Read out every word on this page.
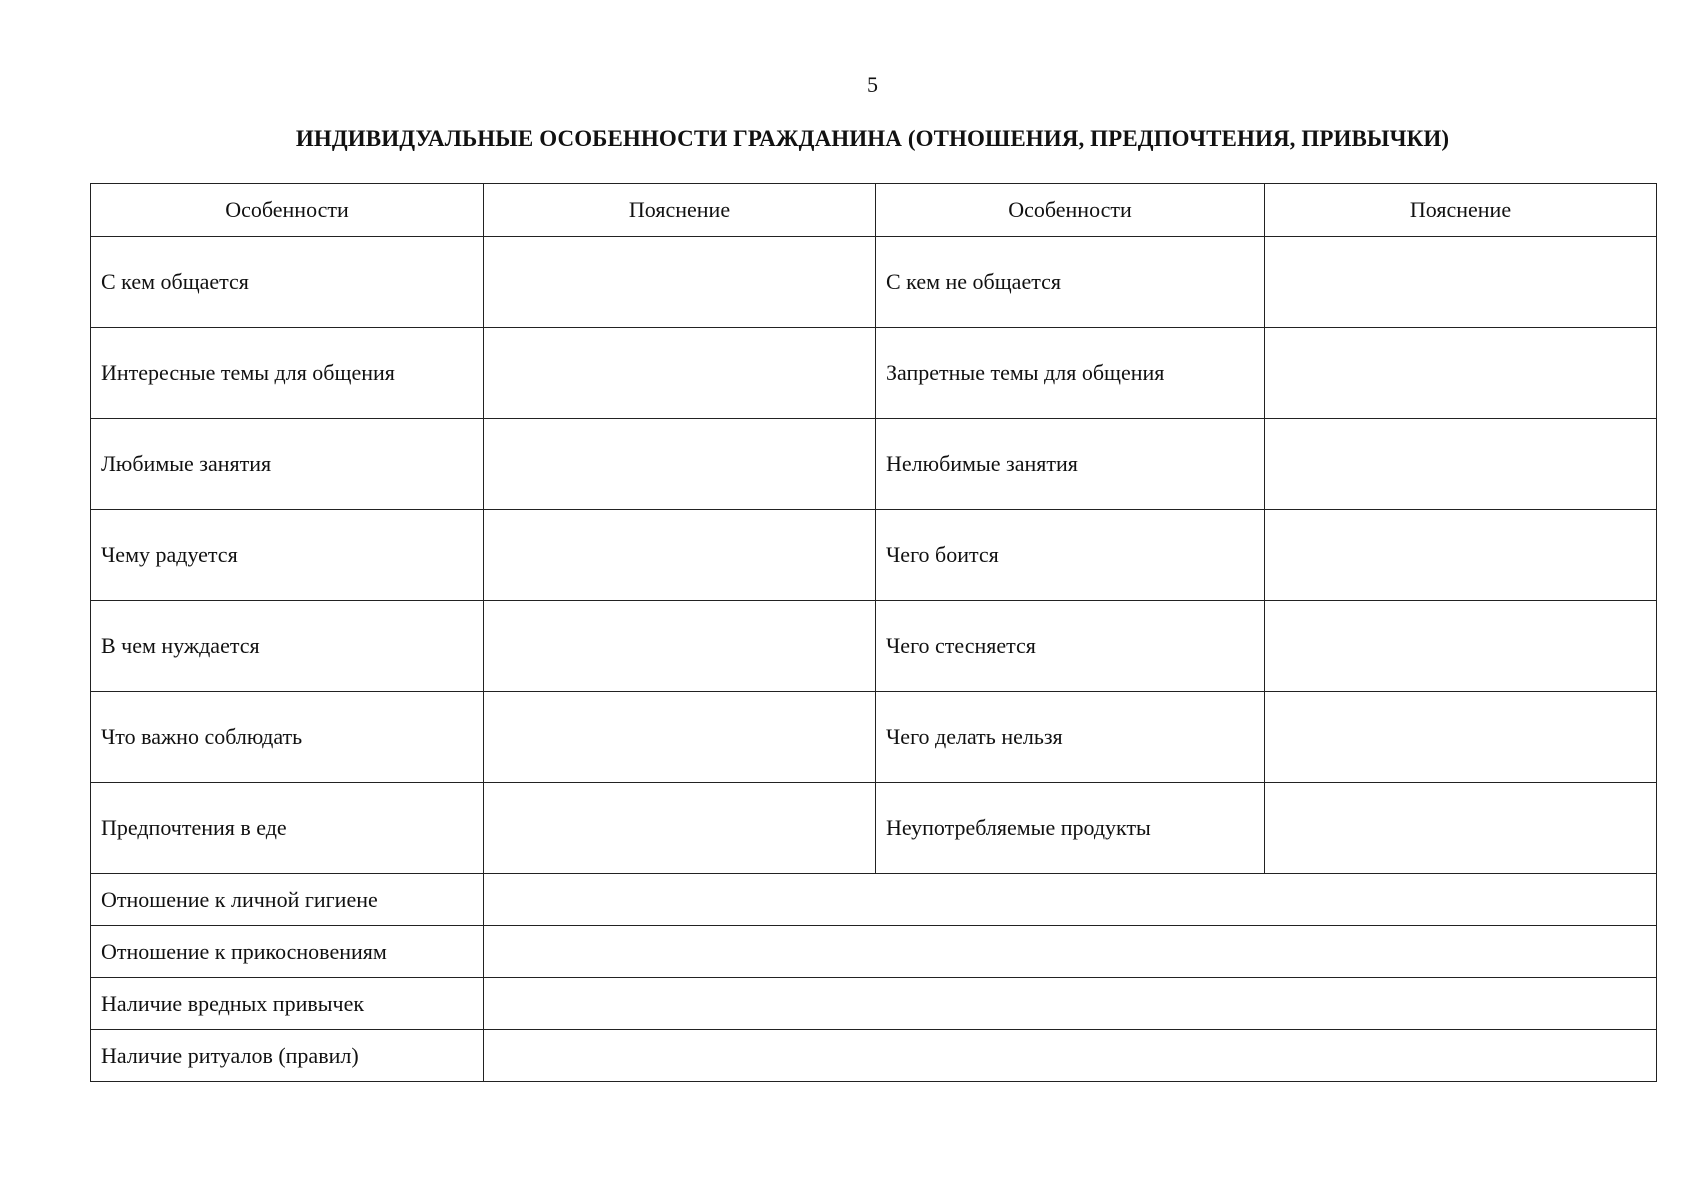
5
ИНДИВИДУАЛЬНЫЕ ОСОБЕННОСТИ ГРАЖДАНИНА (ОТНОШЕНИЯ, ПРЕДПОЧТЕНИЯ, ПРИВЫЧКИ)
Особенности	Пояснение	Особенности	Пояснение
С кем общается		С кем не общается	
Интересные темы для общения		Запретные темы для общения	
Любимые занятия		Нелюбимые занятия	
Чему радуется		Чего боится	
В чем нуждается		Чего стесняется	
Что важно соблюдать		Чего делать нельзя	
Предпочтения в еде		Неупотребляемые продукты	
Отношение к личной гигиене			
Отношение к прикосновениям			
Наличие вредных привычек			
Наличие ритуалов (правил)			
